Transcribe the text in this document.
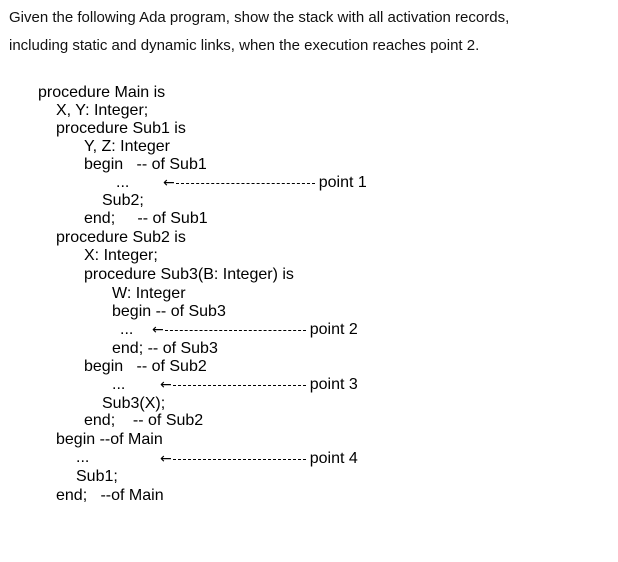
Given the following Ada program, show the stack with all activation records,
including static and dynamic links, when the execution reaches point 2.
procedure Main is
X, Y: Integer;
procedure Sub1 is
Y, Z: Integer
begin   -- of Sub1
...
Sub2;
end;     -- of Sub1
procedure Sub2 is
X: Integer;
procedure Sub3(B: Integer) is
W: Integer
begin -- of Sub3
...
end; -- of Sub3
begin   -- of Sub2
...
Sub3(X);
end;    -- of Sub2
begin --of Main
...
Sub1;
end;   --of Main
←	point 1
←	point 2
←	point 3
←	point 4
